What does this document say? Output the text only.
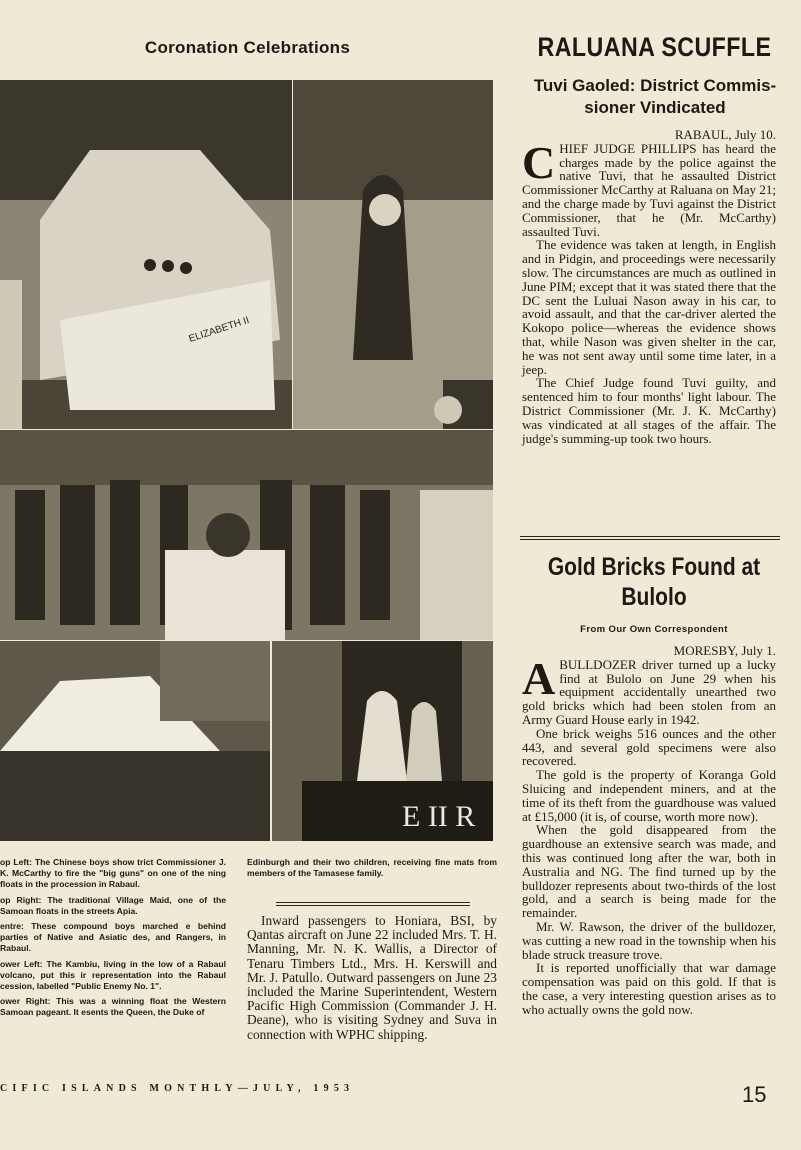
Coronation Celebrations	RALUANA SCUFFLE
ELIZABETH II
E II R

op Left: The Chinese boys show trict Commissioner J. K. McCarthy to fire the "big guns" on one of the ning floats in the procession in Rabaul.

op Right: The traditional Village Maid, one of the Samoan floats in the streets Apia.

entre: These compound boys marched e behind parties of Native and Asiatic des, and Rangers, in Rabaul.

ower Left: The Kambiu, living in the low of a Rabaul volcano, put this ir representation into the Rabaul cession, labelled "Public Enemy No. 1".

ower Right: This was a winning float the Western Samoan pageant. It esents the Queen, the Duke of

Edinburgh and their two children, receiving fine mats from members of the Tamasese family.

Inward passengers to Honiara, BSI, by Qantas aircraft on June 22 included Mrs. T. H. Manning, Mr. N. K. Wallis, a Director of Tenaru Timbers Ltd., Mrs. H. Kerswill and Mr. J. Patullo. Outward passengers on June 23 included the Marine Superintendent, Western Pacific High Commission (Commander J. H. Deane), who is visiting Sydney and Suva in connection with WPHC shipping.

Tuvi Gaoled: District Commis-sioner Vindicated
RABAUL, July 10.

CHIEF JUDGE PHILLIPS has heard the charges made by the police against the native Tuvi, that he assaulted District Commissioner McCarthy at Raluana on May 21; and the charge made by Tuvi against the District Commissioner, that he (Mr. McCarthy) assaulted Tuvi.

The evidence was taken at length, in English and in Pidgin, and proceedings were necessarily slow. The circumstances are much as outlined in June PIM; except that it was stated there that the DC sent the Luluai Nason away in his car, to avoid assault, and that the car-driver alerted the Kokopo police—whereas the evidence shows that, while Nason was given shelter in the car, he was not sent away until some time later, in a jeep.

The Chief Judge found Tuvi guilty, and sentenced him to four months' light labour. The District Commissioner (Mr. J. K. McCarthy) was vindicated at all stages of the affair. The judge's summing-up took two hours.

Gold Bricks Found at Bulolo
From Our Own Correspondent
MORESBY, July 1.

ABULLDOZER driver turned up a lucky find at Bulolo on June 29 when his equipment accidentally unearthed two gold bricks which had been stolen from an Army Guard House early in 1942.

One brick weighs 516 ounces and the other 443, and several gold specimens were also recovered.

The gold is the property of Koranga Gold Sluicing and independent miners, and at the time of its theft from the guardhouse was valued at £15,000 (it is, of course, worth more now).

When the gold disappeared from the guardhouse an extensive search was made, and this was continued long after the war, both in Australia and NG. The find turned up by the bulldozer represents about two-thirds of the lost gold, and a search is being made for the remainder.

Mr. W. Rawson, the driver of the bulldozer, was cutting a new road in the township when his blade struck treasure trove.

It is reported unofficially that war damage compensation was paid on this gold. If that is the case, a very interesting question arises as to who actually owns the gold now.

CIFIC ISLANDS MONTHLY—JULY, 1953	15
